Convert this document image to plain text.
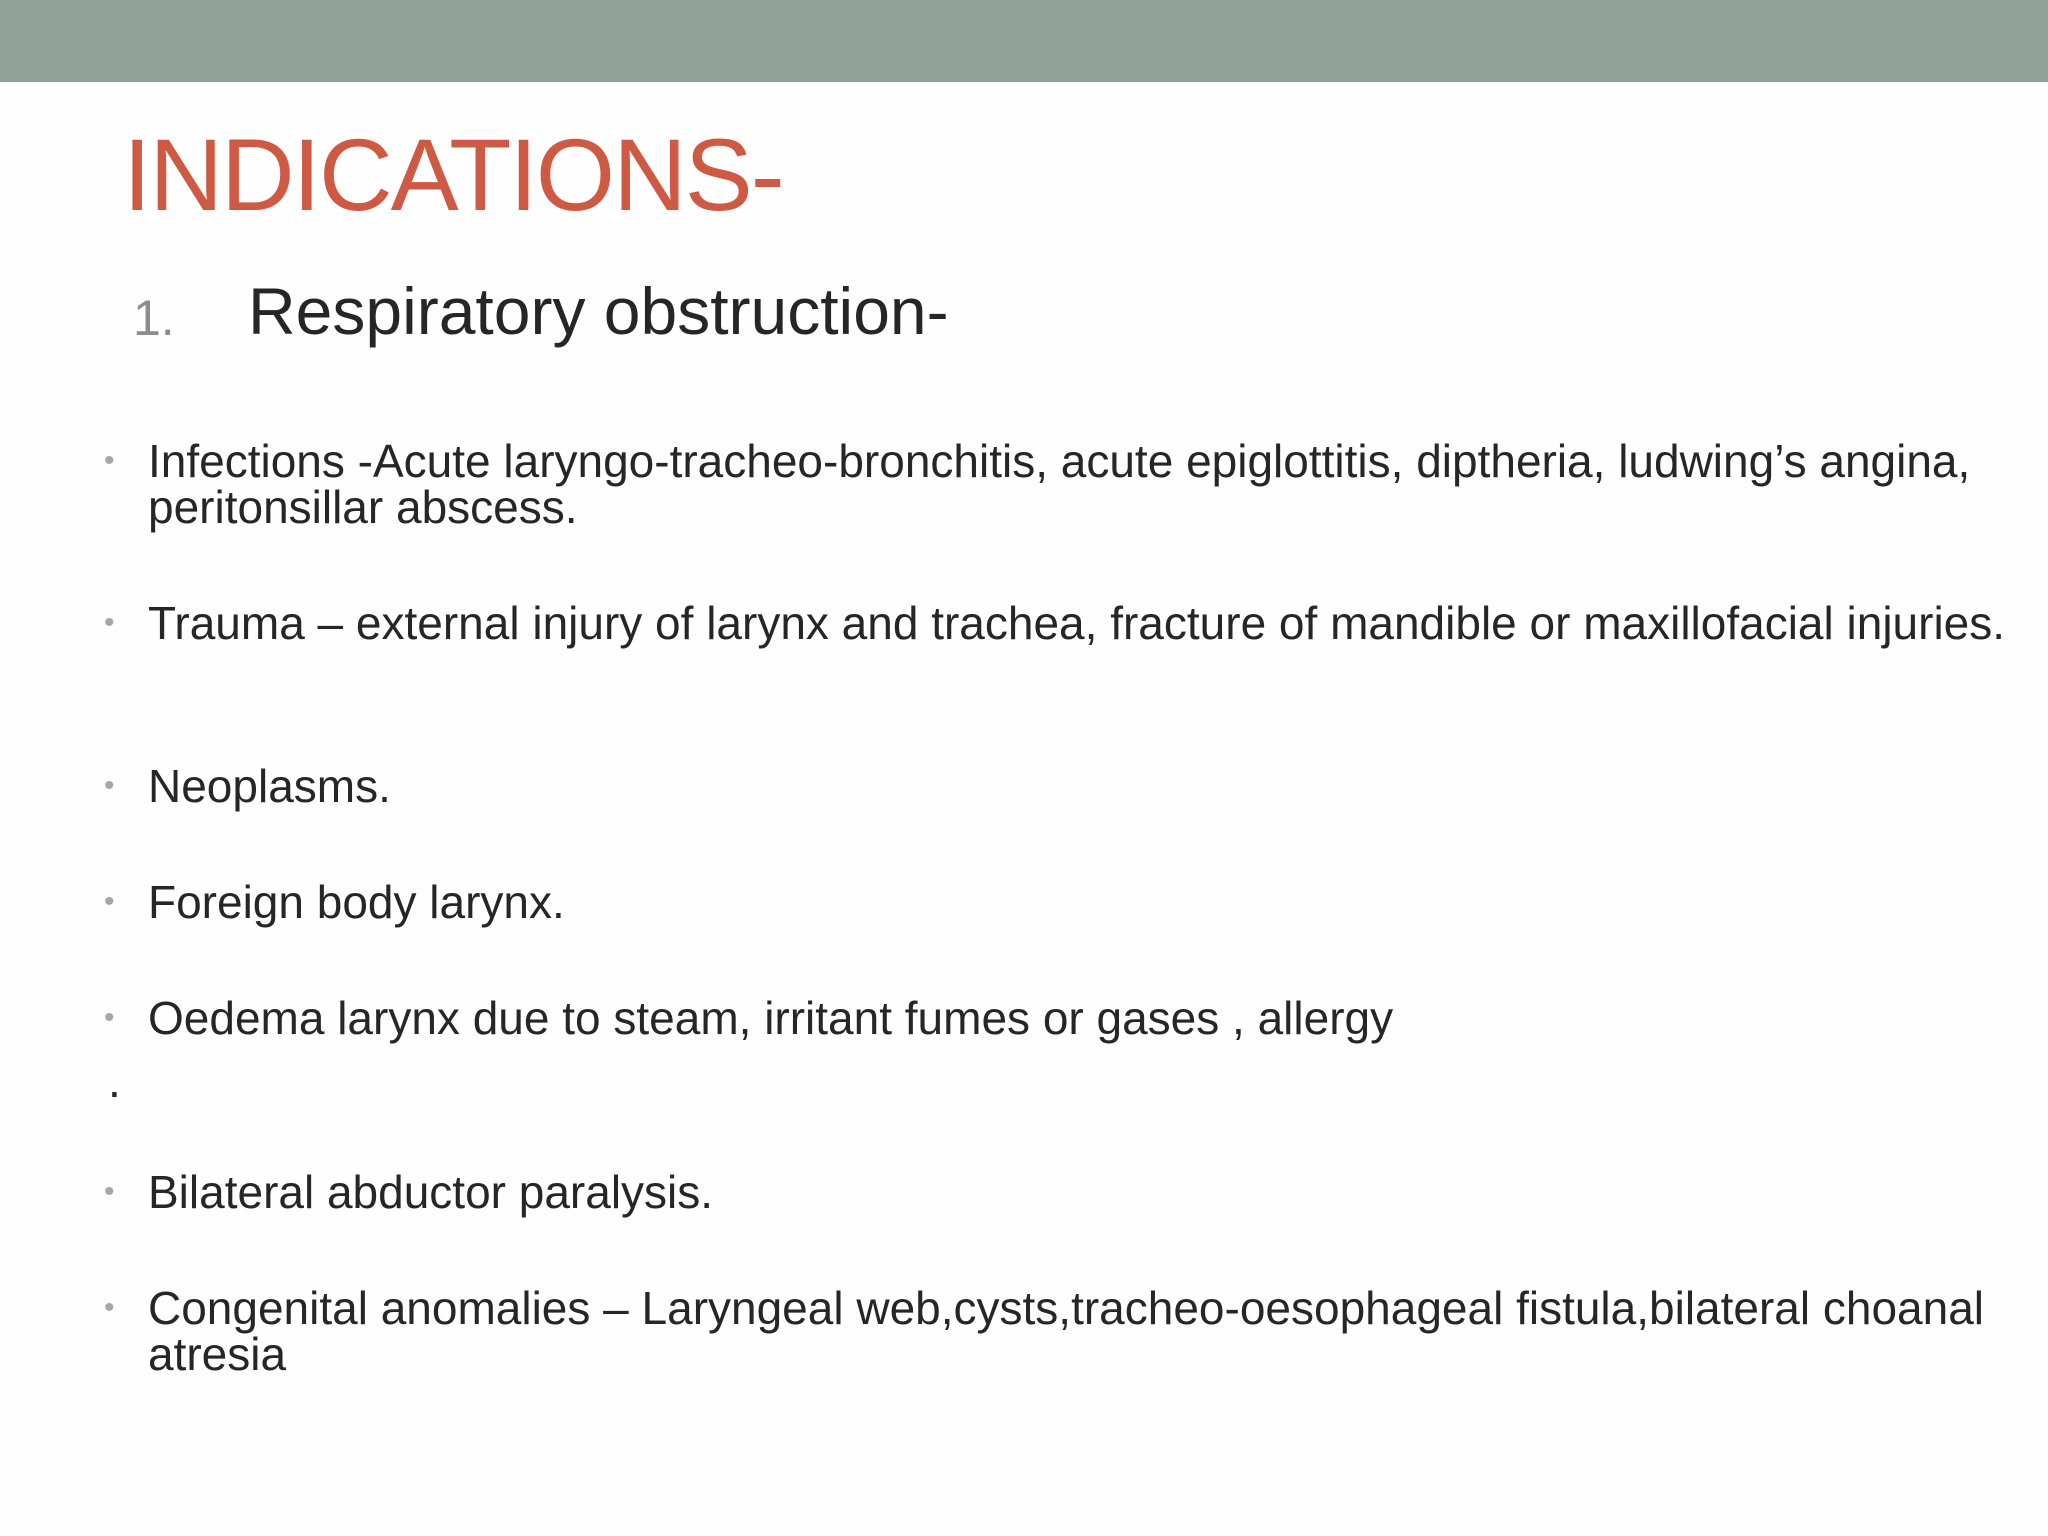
INDICATIONS-
1. Respiratory obstruction-
• Infections -Acute laryngo-tracheo-bronchitis, acute epiglottitis, diptheria, ludwing’s angina, peritonsillar abscess.
• Trauma – external injury of larynx and trachea, fracture of mandible or maxillofacial injuries.
• Neoplasms.
• Foreign body larynx.
• Oedema larynx due to steam, irritant fumes or gases , allergy
• Bilateral abductor paralysis.
• Congenital anomalies – Laryngeal web,cysts,tracheo-oesophageal fistula,bilateral choanal atresia
.
